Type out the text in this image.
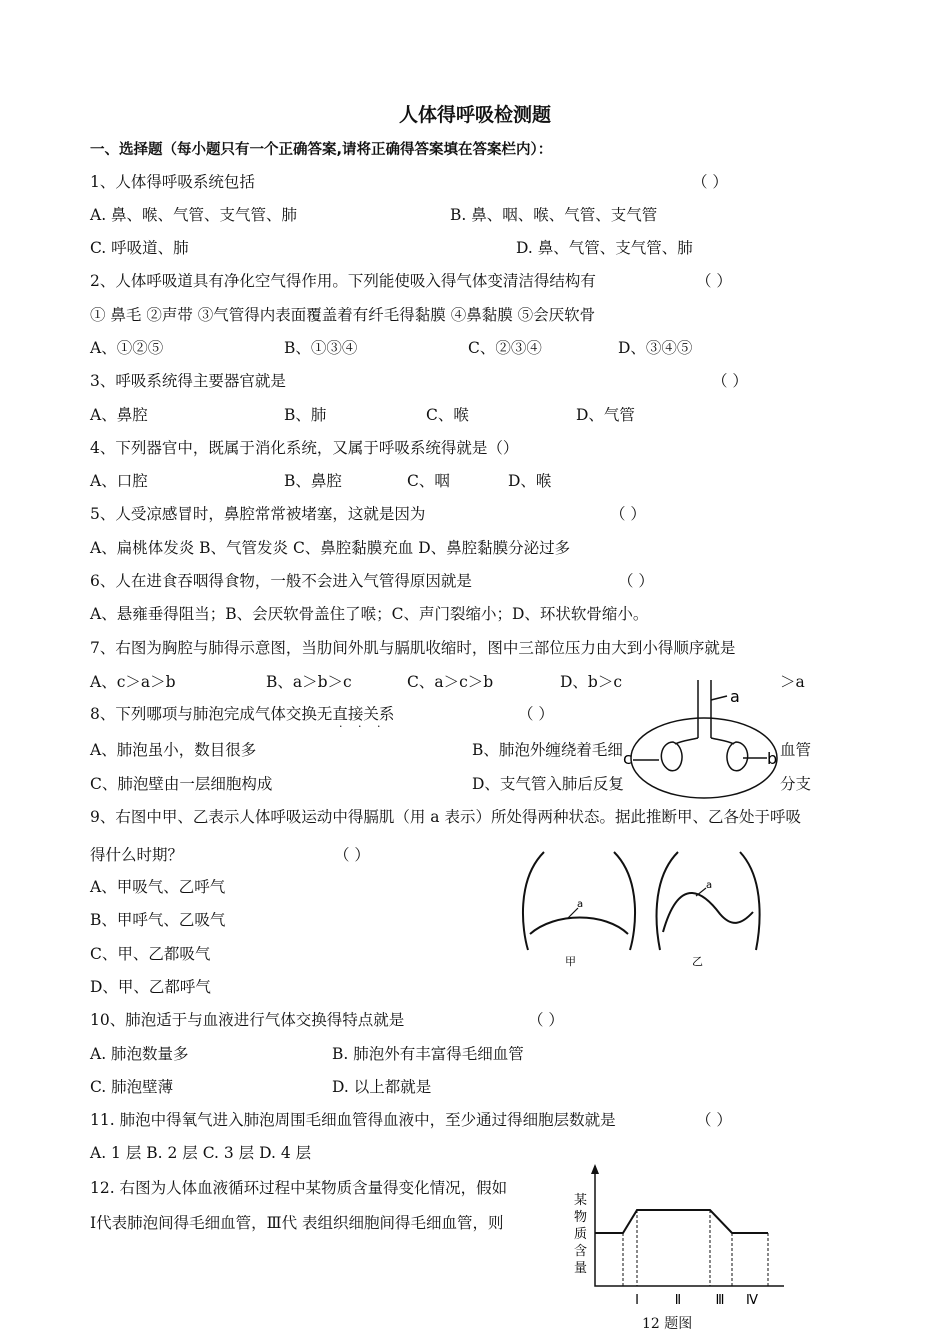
人体得呼吸检测题
一、选择题（每小题只有一个正确答案,请将正确得答案填在答案栏内）：
1、人体得呼吸系统包括	（ ）
A. 鼻、喉、气管、支气管、肺	B. 鼻、咽、喉、气管、支气管
C. 呼吸道、肺	D. 鼻、气管、支气管、肺
2、人体呼吸道具有净化空气得作用。下列能使吸入得气体变清洁得结构有	（ ）
① 鼻毛 ②声带 ③气管得内表面覆盖着有纤毛得黏膜 ④鼻黏膜 ⑤会厌软骨
A、①②⑤	B、①③④	C、②③④	D、③④⑤
3、呼吸系统得主要器官就是	（ ）
A、鼻腔	B、肺	C、喉	D、气管
4、下列器官中，既属于消化系统，又属于呼吸系统得就是（）
A、口腔	B、鼻腔	C、咽	D、喉
5、人受凉感冒时，鼻腔常常被堵塞，这就是因为	（ ）
A、扁桃体发炎 B、气管发炎 C、鼻腔黏膜充血 D、鼻腔黏膜分泌过多
6、人在进食吞咽得食物，一般不会进入气管得原因就是	（ ）
A、悬雍垂得阻当；B、会厌软骨盖住了喉；C、声门裂缩小；D、环状软骨缩小。
7、右图为胸腔与肺得示意图，当肋间外肌与膈肌收缩时，图中三部位压力由大到小得顺序就是
A、c＞a＞b	B、a＞b＞c	C、a＞c＞b	D、b＞c	＞a
8、下列哪项与肺泡完成气体交换无直接关系
· · ·
（ ）
A、肺泡虽小，数目很多	B、肺泡外缠绕着毛细	血管
C、肺泡壁由一层细胞构成	D、支气管入肺后反复	分支
a
b
c
9、右图中甲、乙表示人体呼吸运动中得膈肌（用 a 表示）所处得两种状态。据此推断甲、乙各处于呼吸
得什么时期？	（ ）
A、甲吸气、乙呼气
B、甲呼气、乙吸气
C、甲、乙都吸气
D、甲、乙都呼气
a
甲
a
乙
10、肺泡适于与血液进行气体交换得特点就是	（ ）
A. 肺泡数量多	B. 肺泡外有丰富得毛细血管
C. 肺泡壁薄	D. 以上都就是
11. 肺泡中得氧气进入肺泡周围毛细血管得血液中，至少通过得细胞层数就是	（ ）
A. 1 层 B. 2 层 C. 3 层 D. 4 层
12. 右图为人体血液循环过程中某物质含量得变化情况，假如
Ⅰ代表肺泡间得毛细血管，Ⅲ代 表组织细胞间得毛细血管，则
某
物
质
含
量
Ⅰ	Ⅱ	Ⅲ Ⅳ
12 题图
